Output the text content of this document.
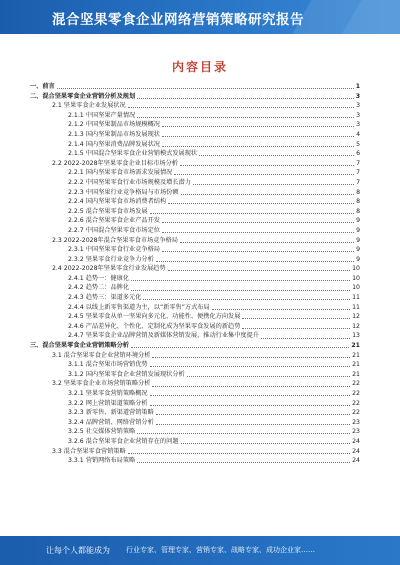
混合坚果零食企业网络营销策略研究报告
内容目录
一、前言	1
二、混合坚果零食企业营销分析及规划	3
2.1 坚果零食企业发展状况	3
2.1.1 中国坚果产量情况	3
2.1.2 中国坚果制品市场规模概况	3
2.1.3 国内坚果制品市场发展现状	4
2.1.4 国内坚果消费品牌发展状况	5
2.1.5 中国混合坚果零食企业营销模式发展现状	6
2.2 2022-2028年坚果零食企业目标市场分析	7
2.2.1 国内坚果零食市场需求发展情况	7
2.2.2 中国坚果零食行业市场规模及增长潜力	7
2.2.3 中国坚果行业竞争格局与市场份额	8
2.2.4 国内坚果零食市场消费者结构	8
2.2.5 混合坚果零食市场发展	8
2.2.6 混合坚果零食企业产品开发	9
2.2.7 中国混合坚果零食市场定位	9
2.3 2022-2028年混合坚果零食市场竞争格局	9
2.3.1 中国坚果零食行业竞争格局	9
2.3.2 坚果零食行业竞争力分析	9
2.4 2022-2028年坚果零食行业发展趋势	10
2.4.1 趋势一：健康化	10
2.4.2 趋势二：品牌化	10
2.4.3 趋势三：渠道多元化	11
2.4.4 以线上新零售渠道为主，以“新零售”方式布局	11
2.4.5 坚果零食从单一坚果向多元化、功能性、便携化方向发展	12
2.4.6 产品差异化、个性化、定制化成为坚果零食发展的新趋势	12
2.4.7 坚果零食企业品牌营销及新媒体营销发展，推动行业集中度提升	13
三、混合坚果零食企业营销策略分析	21
3.1 混合坚果零食企业营销环境分析	21
3.1.1 混合坚果市场营销优势	21
3.1.2 国内坚果零食企业营销发展现状分析	21
3.2 坚果零食企业市场营销策略分析	22
3.2.1 坚果零食营销策略概况	22
3.2.2 网上营销渠道策略分析	22
3.2.3 新零售、新渠道营销策略	22
3.2.4 品牌营销、网络营销分析	23
3.2.5 社交媒体营销策略	23
3.2.6 混合坚果零食企业营销存在的问题	24
3.3 混合坚果零食营销策略	24
3.3.1 营销网络布局策略	24
让每个人都能成为 行业专家、管理专家、营销专家、战略专家、成功企业家……
